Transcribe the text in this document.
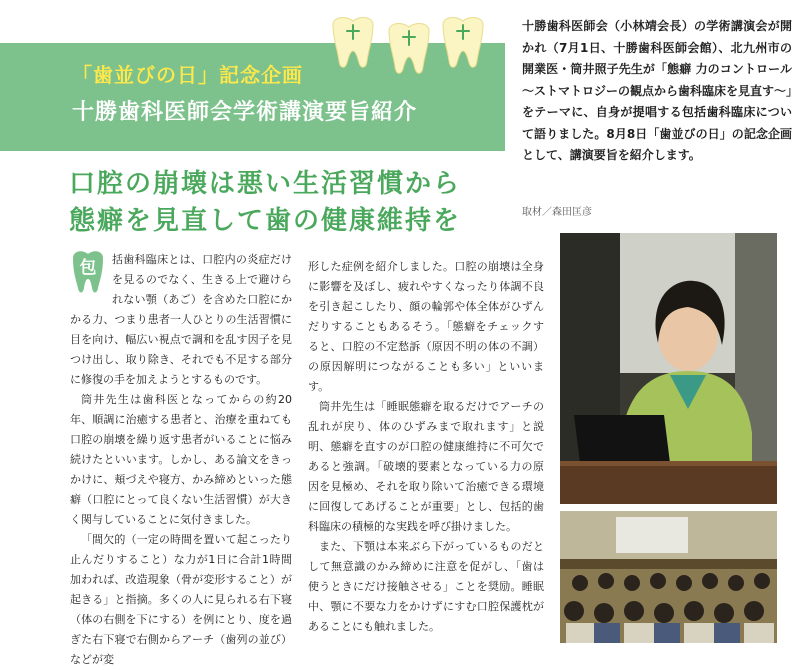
「歯並びの日」記念企画
十勝歯科医師会学術講演要旨紹介
十勝歯科医師会（小林靖会長）の学術講演会が開かれ（7月1日、十勝歯科医師会館）、北九州市の開業医・筒井照子先生が「態癖 力のコントロール～ストマトロジーの観点から歯科臨床を見直す～」をテーマに、自身が提唱する包括歯科臨床について語りました。8月8日「歯並びの日」の記念企画として、講演要旨を紹介します。
取材／森田匡彦
口腔の崩壊は悪い生活習慣から
態癖を見直して歯の健康維持を
包	括歯科臨床とは、口腔内の炎症だけを見るのでなく、生きる上で避けられない顎（あご）を含めた口腔にかかる力、つまり患者一人ひとりの生活習慣に目を向け、幅広い視点で調和を乱す因子を見つけ出し、取り除き、それでも不足する部分に修復の手を加えようとするものです。

筒井先生は歯科医となってからの約20年、順調に治癒する患者と、治療を重ねても口腔の崩壊を繰り返す患者がいることに悩み続けたといいます。しかし、ある論文をきっかけに、頬づえや寝方、かみ締めといった態癖（口腔にとって良くない生活習慣）が大きく関与していることに気付きました。

「間欠的（一定の時間を置いて起こったり止んだりすること）な力が1日に合計1時間加われば、改造現象（骨が変形すること）が起きる」と指摘。多くの人に見られる右下寝（体の右側を下にする）を例にとり、度を過ぎた右下寝で右側からアーチ（歯列の並び）などが変

形した症例を紹介しました。口腔の崩壊は全身に影響を及ぼし、疲れやすくなったり体調不良を引き起こしたり、顔の輪郭や体全体がひずんだりすることもあるそう。「態癖をチェックすると、口腔の不定愁訴（原因不明の体の不調）の原因解明につながることも多い」といいます。

筒井先生は「睡眠態癖を取るだけでアーチの乱れが戻り、体のひずみまで取れます」と説明、態癖を直すのが口腔の健康維持に不可欠であると強調。「破壊的要素となっている力の原因を見極め、それを取り除いて治癒できる環境に回復してあげることが重要」とし、包括的歯科臨床の積極的な実践を呼び掛けました。

また、下顎は本来ぶら下がっているものだとして無意識のかみ締めに注意を促がし、「歯は使うときにだけ接触させる」ことを奨励。睡眠中、顎に不要な力をかけずにすむ口腔保護枕があることにも触れました。
